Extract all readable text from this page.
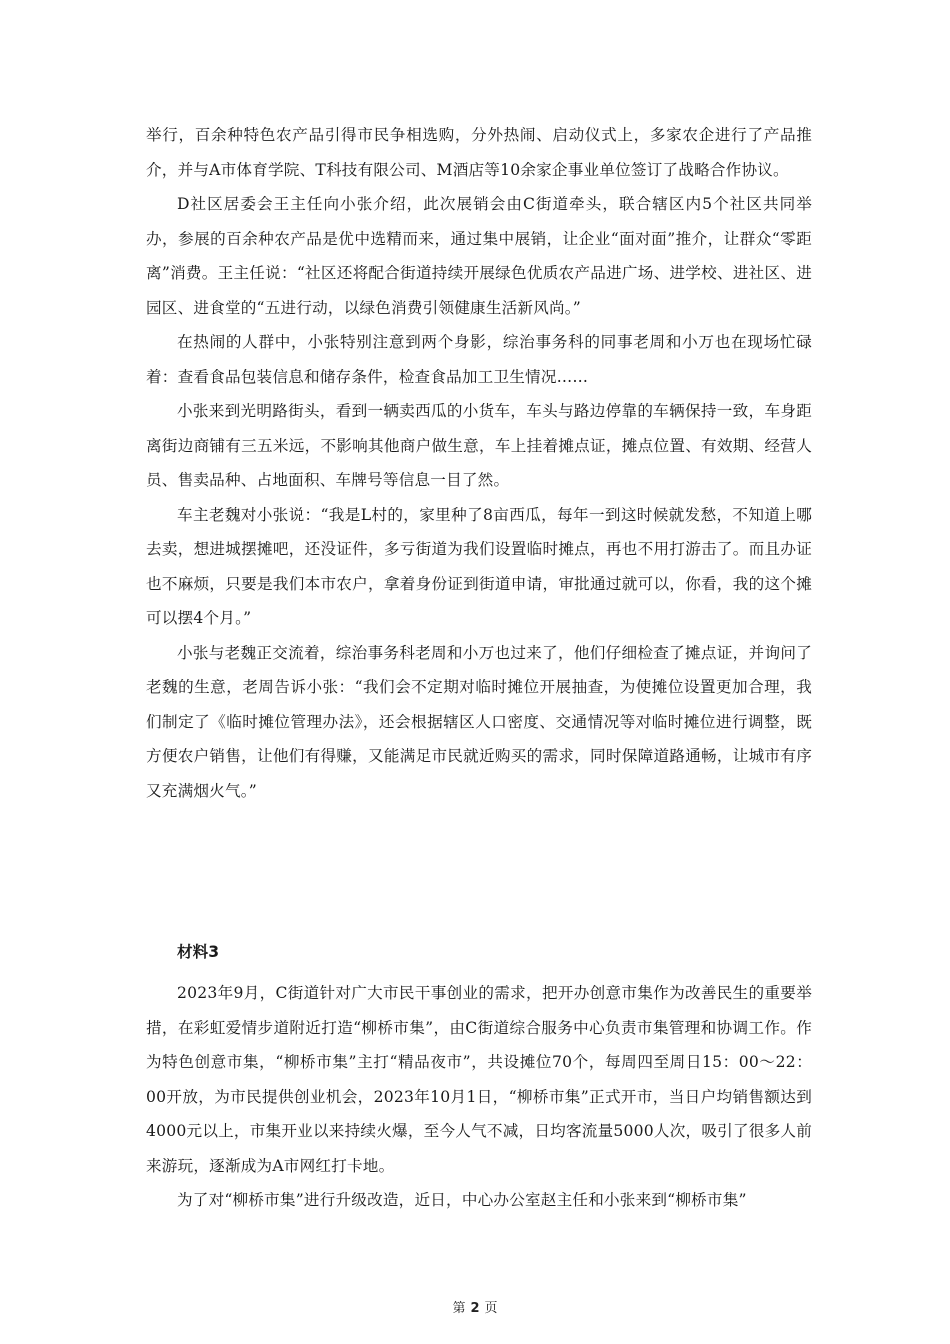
举行，百余种特色农产品引得市民争相选购，分外热闹、启动仪式上，多家农企进行了产品推介，并与A市体育学院、T科技有限公司、M酒店等10余家企事业单位签订了战略合作协议。

D社区居委会王主任向小张介绍，此次展销会由C街道牵头，联合辖区内5个社区共同举办，参展的百余种农产品是优中选精而来，通过集中展销，让企业“面对面”推介，让群众“零距离”消费。王主任说：“社区还将配合街道持续开展绿色优质农产品进广场、进学校、进社区、进园区、进食堂的“五进行动，以绿色消费引领健康生活新风尚。”

在热闹的人群中，小张特别注意到两个身影，综治事务科的同事老周和小万也在现场忙碌着：查看食品包装信息和储存条件，检查食品加工卫生情况……

小张来到光明路街头，看到一辆卖西瓜的小货车，车头与路边停靠的车辆保持一致，车身距离街边商铺有三五米远，不影响其他商户做生意，车上挂着摊点证，摊点位置、有效期、经营人员、售卖品种、占地面积、车牌号等信息一目了然。

车主老魏对小张说：“我是L村的，家里种了8亩西瓜，每年一到这时候就发愁，不知道上哪去卖，想进城摆摊吧，还没证件，多亏街道为我们设置临时摊点，再也不用打游击了。而且办证也不麻烦，只要是我们本市农户，拿着身份证到街道申请，审批通过就可以，你看，我的这个摊可以摆4个月。”

小张与老魏正交流着，综治事务科老周和小万也过来了，他们仔细检查了摊点证，并询问了老魏的生意，老周告诉小张：“我们会不定期对临时摊位开展抽查，为使摊位设置更加合理，我们制定了《临时摊位管理办法》，还会根据辖区人口密度、交通情况等对临时摊位进行调整，既方便农户销售，让他们有得赚，又能满足市民就近购买的需求，同时保障道路通畅，让城市有序又充满烟火气。”

材料3

2023年9月，C街道针对广大市民干事创业的需求，把开办创意市集作为改善民生的重要举措，在彩虹爱情步道附近打造“柳桥市集”，由C街道综合服务中心负责市集管理和协调工作。作为特色创意市集，“柳桥市集”主打“精品夜市”，共设摊位70个，每周四至周日15：00～22：00开放，为市民提供创业机会，2023年10月1日，“柳桥市集”正式开市，当日户均销售额达到4000元以上，市集开业以来持续火爆，至今人气不减，日均客流量5000人次，吸引了很多人前来游玩，逐渐成为A市网红打卡地。

为了对“柳桥市集”进行升级改造，近日，中心办公室赵主任和小张来到“柳桥市集”

第 2 页
